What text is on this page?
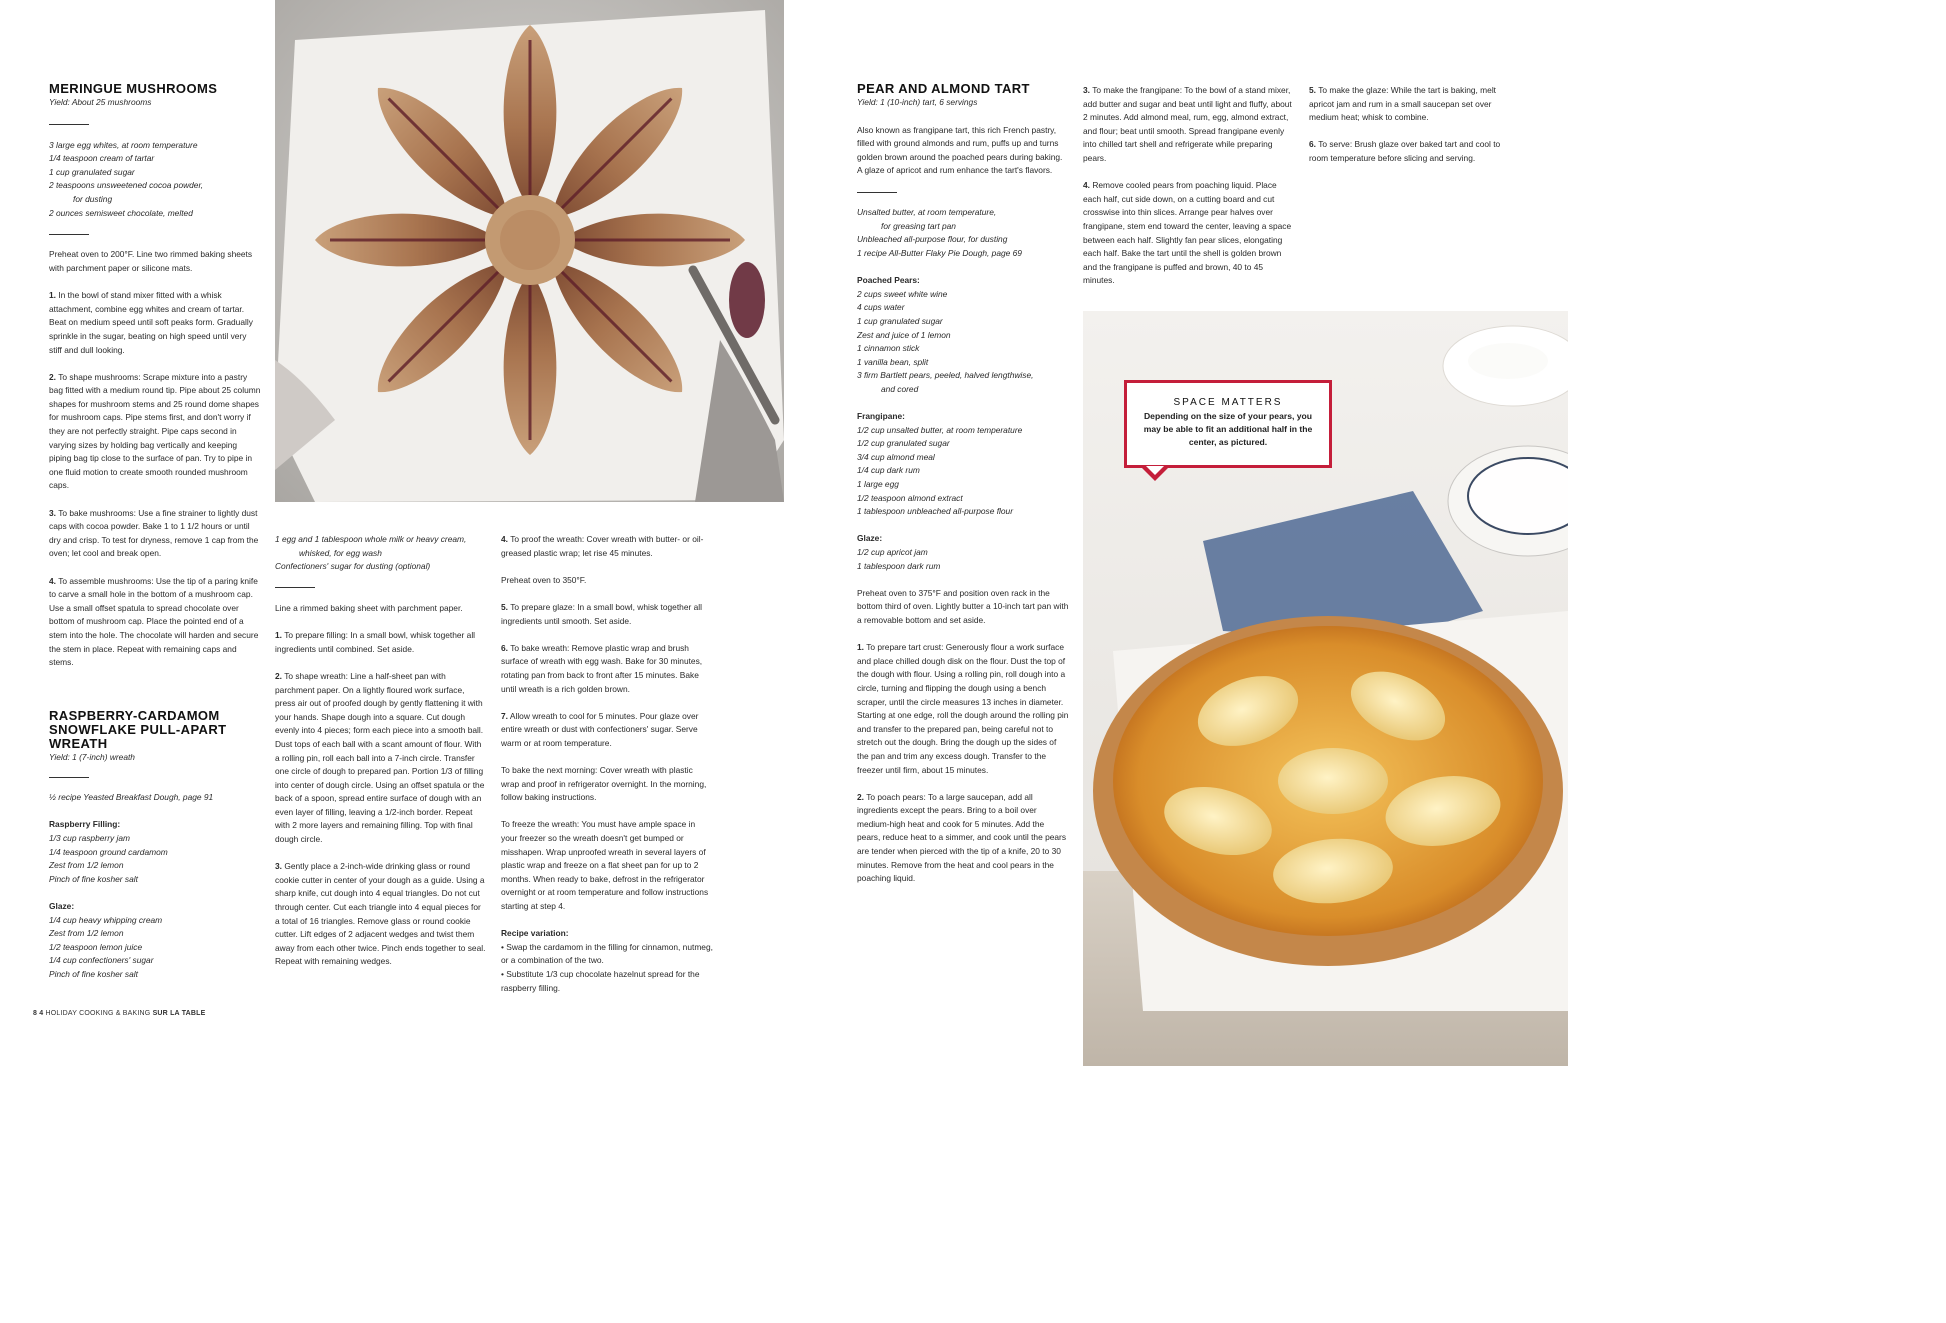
MERINGUE MUSHROOMS
Yield: About 25 mushrooms
3 large egg whites, at room temperature
1/4 teaspoon cream of tartar
1 cup granulated sugar
2 teaspoons unsweetened cocoa powder,
for dusting
2 ounces semisweet chocolate, melted

Preheat oven to 200°F. Line two rimmed baking sheets with parchment paper or silicone mats.

1. In the bowl of stand mixer fitted with a whisk attachment, combine egg whites and cream of tartar. Beat on medium speed until soft peaks form. Gradually sprinkle in the sugar, beating on high speed until very stiff and dull looking.

2. To shape mushrooms: Scrape mixture into a pastry bag fitted with a medium round tip. Pipe about 25 column shapes for mushroom stems and 25 round dome shapes for mushroom caps. Pipe stems first, and don't worry if they are not perfectly straight. Pipe caps second in varying sizes by holding bag vertically and keeping piping bag tip close to the surface of pan. Try to pipe in one fluid motion to create smooth rounded mushroom caps.

3. To bake mushrooms: Use a fine strainer to lightly dust caps with cocoa powder. Bake 1 to 1 1/2 hours or until dry and crisp. To test for dryness, remove 1 cap from the oven; let cool and break open.

4. To assemble mushrooms: Use the tip of a paring knife to carve a small hole in the bottom of a mushroom cap. Use a small offset spatula to spread chocolate over bottom of mushroom cap. Place the pointed end of a stem into the hole. The chocolate will harden and secure the stem in place. Repeat with remaining caps and stems.

RASPBERRY-CARDAMOM SNOWFLAKE PULL-APART WREATH
Yield: 1 (7-inch) wreath
½ recipe Yeasted Breakfast Dough, page 91
Raspberry Filling:
1/3 cup raspberry jam
1/4 teaspoon ground cardamom
Zest from 1/2 lemon
Pinch of fine kosher salt
Glaze:
1/4 cup heavy whipping cream
Zest from 1/2 lemon
1/2 teaspoon lemon juice
1/4 cup confectioners' sugar
Pinch of fine kosher salt
1 egg and 1 tablespoon whole milk or heavy cream,
whisked, for egg wash
Confectioners' sugar for dusting (optional)

Line a rimmed baking sheet with parchment paper.

1. To prepare filling: In a small bowl, whisk together all ingredients until combined. Set aside.

2. To shape wreath: Line a half-sheet pan with parchment paper. On a lightly floured work surface, press air out of proofed dough by gently flattening it with your hands. Shape dough into a square. Cut dough evenly into 4 pieces; form each piece into a smooth ball. Dust tops of each ball with a scant amount of flour. With a rolling pin, roll each ball into a 7-inch circle. Transfer one circle of dough to prepared pan. Portion 1/3 of filling into center of dough circle. Using an offset spatula or the back of a spoon, spread entire surface of dough with an even layer of filling, leaving a 1/2-inch border. Repeat with 2 more layers and remaining filling. Top with final dough circle.

3. Gently place a 2-inch-wide drinking glass or round cookie cutter in center of your dough as a guide. Using a sharp knife, cut dough into 4 equal triangles. Do not cut through center. Cut each triangle into 4 equal pieces for a total of 16 triangles. Remove glass or round cookie cutter. Lift edges of 2 adjacent wedges and twist them away from each other twice. Pinch ends together to seal. Repeat with remaining wedges.

4. To proof the wreath: Cover wreath with butter- or oil-greased plastic wrap; let rise 45 minutes.

Preheat oven to 350°F.

5. To prepare glaze: In a small bowl, whisk together all ingredients until smooth. Set aside.

6. To bake wreath: Remove plastic wrap and brush surface of wreath with egg wash. Bake for 30 minutes, rotating pan from back to front after 15 minutes. Bake until wreath is a rich golden brown.

7. Allow wreath to cool for 5 minutes. Pour glaze over entire wreath or dust with confectioners' sugar. Serve warm or at room temperature.

To bake the next morning: Cover wreath with plastic wrap and proof in refrigerator overnight. In the morning, follow baking instructions.

To freeze the wreath: You must have ample space in your freezer so the wreath doesn't get bumped or misshapen. Wrap unproofed wreath in several layers of plastic wrap and freeze on a flat sheet pan for up to 2 months. When ready to bake, defrost in the refrigerator overnight or at room temperature and follow instructions starting at step 4.

Recipe variation:
• Swap the cardamom in the filling for cinnamon, nutmeg, or a combination of the two.
• Substitute 1/3 cup chocolate hazelnut spread for the raspberry filling.
PEAR AND ALMOND TART
Yield: 1 (10-inch) tart, 6 servings

Also known as frangipane tart, this rich French pastry, filled with ground almonds and rum, puffs up and turns golden brown around the poached pears during baking. A glaze of apricot and rum enhance the tart's flavors.

Unsalted butter, at room temperature,
for greasing tart pan
Unbleached all-purpose flour, for dusting
1 recipe All-Butter Flaky Pie Dough, page 69
Poached Pears:
2 cups sweet white wine
4 cups water
1 cup granulated sugar
Zest and juice of 1 lemon
1 cinnamon stick
1 vanilla bean, split
3 firm Bartlett pears, peeled, halved lengthwise,
and cored
Frangipane:
1/2 cup unsalted butter, at room temperature
1/2 cup granulated sugar
3/4 cup almond meal
1/4 cup dark rum
1 large egg
1/2 teaspoon almond extract
1 tablespoon unbleached all-purpose flour
Glaze:
1/2 cup apricot jam
1 tablespoon dark rum

Preheat oven to 375°F and position oven rack in the bottom third of oven. Lightly butter a 10-inch tart pan with a removable bottom and set aside.

1. To prepare tart crust: Generously flour a work surface and place chilled dough disk on the flour. Dust the top of the dough with flour. Using a rolling pin, roll dough into a circle, turning and flipping the dough using a bench scraper, until the circle measures 13 inches in diameter. Starting at one edge, roll the dough around the rolling pin and transfer to the prepared pan, being careful not to stretch out the dough. Bring the dough up the sides of the pan and trim any excess dough. Transfer to the freezer until firm, about 15 minutes.

2. To poach pears: To a large saucepan, add all ingredients except the pears. Bring to a boil over medium-high heat and cook for 5 minutes. Add the pears, reduce heat to a simmer, and cook until the pears are tender when pierced with the tip of a knife, 20 to 30 minutes. Remove from the heat and cool pears in the poaching liquid.

3. To make the frangipane: To the bowl of a stand mixer, add butter and sugar and beat until light and fluffy, about 2 minutes. Add almond meal, rum, egg, almond extract, and flour; beat until smooth. Spread frangipane evenly into chilled tart shell and refrigerate while preparing pears.

4. Remove cooled pears from poaching liquid. Place each half, cut side down, on a cutting board and cut crosswise into thin slices. Arrange pear halves over frangipane, stem end toward the center, leaving a space between each half. Slightly fan pear slices, elongating each half. Bake the tart until the shell is golden brown and the frangipane is puffed and brown, 40 to 45 minutes.

5. To make the glaze: While the tart is baking, melt apricot jam and rum in a small saucepan set over medium heat; whisk to combine.

6. To serve: Brush glaze over baked tart and cool to room temperature before slicing and serving.

SPACE MATTERS
Depending on the size of your pears, you may be able to fit an additional half in the center, as pictured.
8 4 HOLIDAY COOKING & BAKING SUR LA TABLE
